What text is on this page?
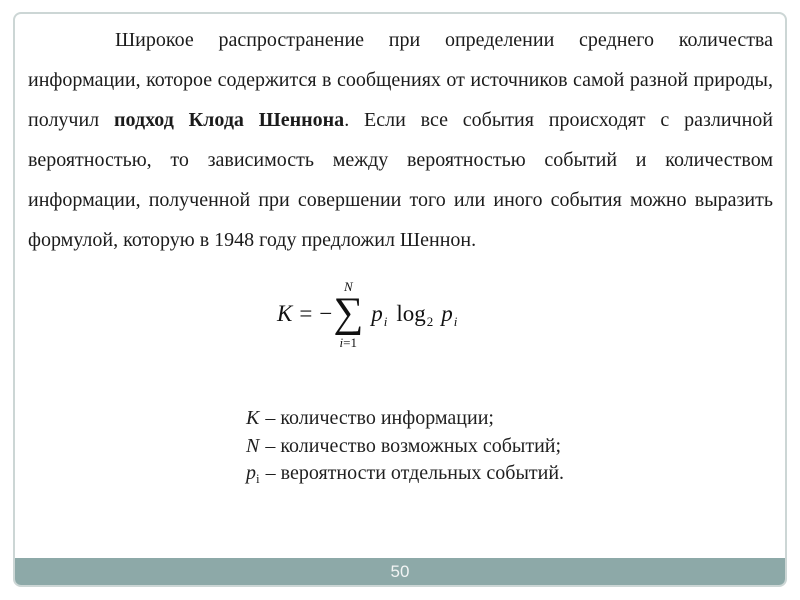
Широкое распространение при определении среднего количества информации, которое содержится в сообщениях от источников самой разной природы, получил подход Клода Шеннона. Если все события происходят с различной вероятностью, то зависимость между вероятностью событий и количеством информации, полученной при совершении того или иного события можно выразить формулой, которую в 1948 году предложил Шеннон.

K = −
N
∑
i=1
$p_i$ $\log_2 p_i$
K – количество информации;
N – количество возможных событий;
$p_i$ – вероятности отдельных событий.
50
